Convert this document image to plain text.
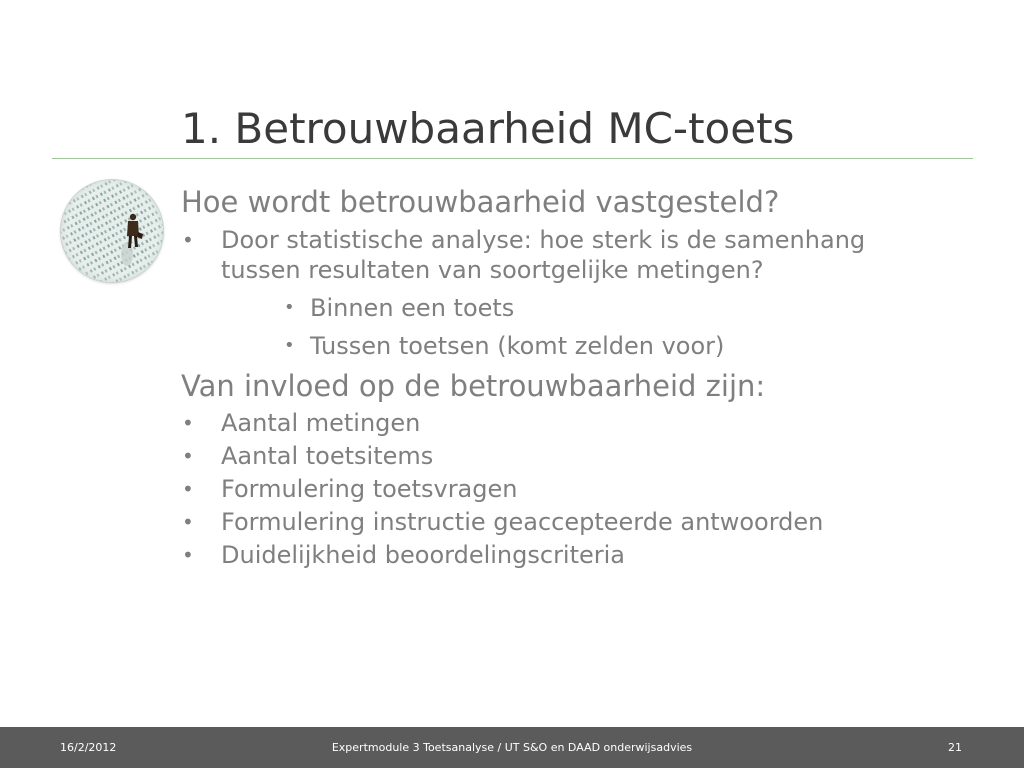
1. Betrouwbaarheid MC-toets
Hoe wordt betrouwbaarheid vastgesteld?
• Door statistische analyse: hoe sterk is de samenhang tussen resultaten van soortgelijke metingen?
• Binnen een toets
• Tussen toetsen (komt zelden voor)
Van invloed op de betrouwbaarheid zijn:
• Aantal metingen
• Aantal toetsitems
• Formulering toetsvragen
• Formulering instructie geaccepteerde antwoorden
• Duidelijkheid beoordelingscriteria
16/2/2012	Expertmodule 3 Toetsanalyse / UT S&O en DAAD onderwijsadvies	21
